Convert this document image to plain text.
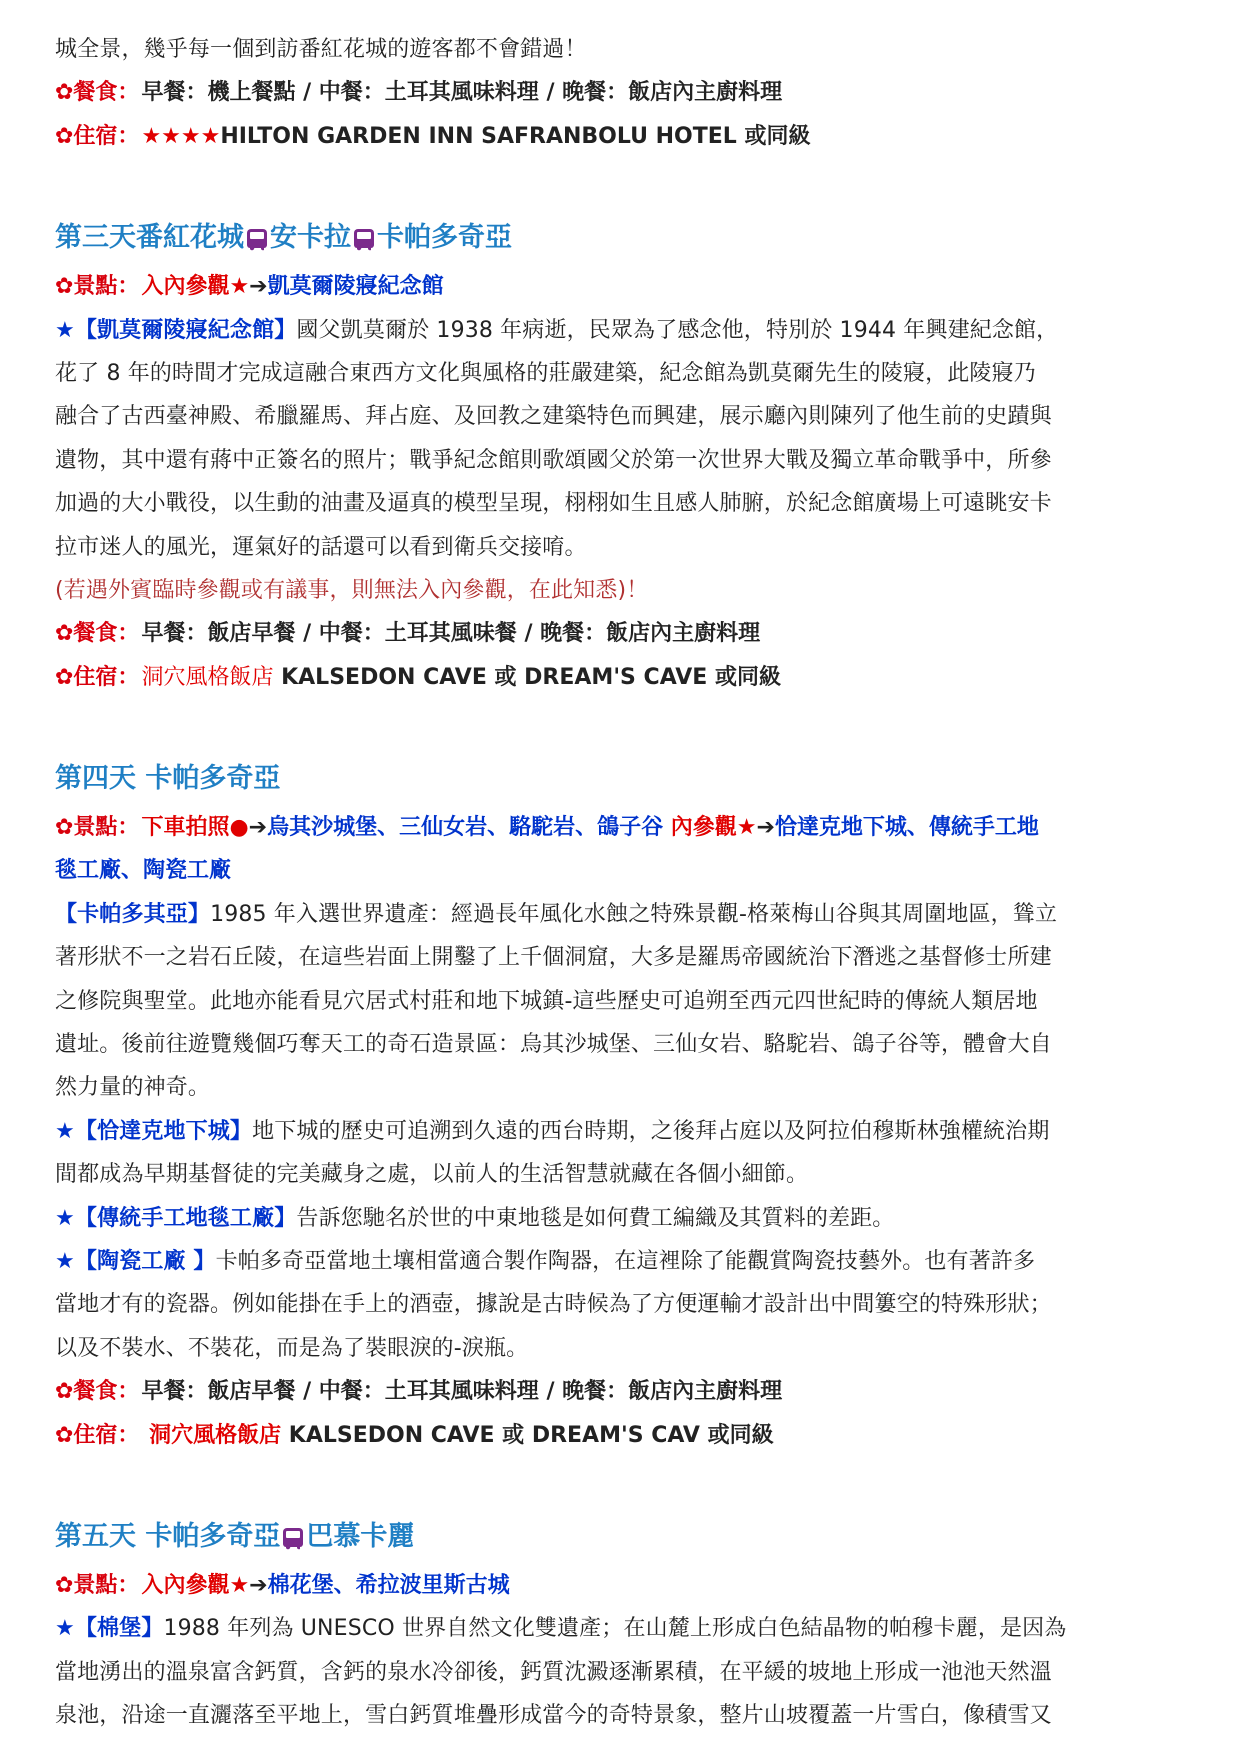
城全景，幾乎每一個到訪番紅花城的遊客都不會錯過！
✿餐食：早餐：機上餐點 / 中餐：土耳其風味料理 / 晚餐：飯店內主廚料理
✿住宿：★★★★HILTON GARDEN INN SAFRANBOLU HOTEL 或同級
第三天番紅花城 安卡拉 卡帕多奇亞
✿景點：入內參觀★➔凱莫爾陵寢紀念館
★【凱莫爾陵寢紀念館】國父凱莫爾於 1938 年病逝，民眾為了感念他，特別於 1944 年興建紀念館，
花了 8 年的時間才完成這融合東西方文化與風格的莊嚴建築，紀念館為凱莫爾先生的陵寢，此陵寢乃
融合了古西臺神殿、希臘羅馬、拜占庭、及回教之建築特色而興建，展示廳內則陳列了他生前的史蹟與
遺物，其中還有蔣中正簽名的照片；戰爭紀念館則歌頌國父於第一次世界大戰及獨立革命戰爭中，所參
加過的大小戰役，以生動的油畫及逼真的模型呈現，栩栩如生且感人肺腑，於紀念館廣場上可遠眺安卡
拉市迷人的風光，運氣好的話還可以看到衛兵交接唷。
(若遇外賓臨時參觀或有議事，則無法入內參觀，在此知悉)！
✿餐食：早餐：飯店早餐 / 中餐：土耳其風味餐 / 晚餐：飯店內主廚料理
✿住宿：洞穴風格飯店 KALSEDON CAVE 或 DREAM'S CAVE 或同級
第四天 卡帕多奇亞
✿景點：下車拍照●➔烏其沙城堡、三仙女岩、駱駝岩、鴿子谷 內參觀★➔恰達克地下城、傳統手工地
毯工廠、陶瓷工廠
【卡帕多其亞】1985 年入選世界遺產：經過長年風化水蝕之特殊景觀-格萊梅山谷與其周圍地區，聳立
著形狀不一之岩石丘陵，在這些岩面上開鑿了上千個洞窟，大多是羅馬帝國統治下潛逃之基督修士所建
之修院與聖堂。此地亦能看見穴居式村莊和地下城鎮-這些歷史可追朔至西元四世紀時的傳統人類居地
遺址。後前往遊覽幾個巧奪天工的奇石造景區：烏其沙城堡、三仙女岩、駱駝岩、鴿子谷等，體會大自
然力量的神奇。
★【恰達克地下城】地下城的歷史可追溯到久遠的西台時期，之後拜占庭以及阿拉伯穆斯林強權統治期
間都成為早期基督徒的完美藏身之處，以前人的生活智慧就藏在各個小細節。
★【傳統手工地毯工廠】告訴您馳名於世的中東地毯是如何費工編織及其質料的差距。
★【陶瓷工廠 】卡帕多奇亞當地土壤相當適合製作陶器，在這裡除了能觀賞陶瓷技藝外。也有著許多
當地才有的瓷器。例如能掛在手上的酒壺，據說是古時候為了方便運輸才設計出中間簍空的特殊形狀；
以及不裝水、不裝花，而是為了裝眼淚的-淚瓶。
✿餐食：早餐：飯店早餐 / 中餐：土耳其風味料理 / 晚餐：飯店內主廚料理
✿住宿： 洞穴風格飯店 KALSEDON CAVE 或 DREAM'S CAV 或同級
第五天 卡帕多奇亞 巴慕卡麗
✿景點：入內參觀★➔棉花堡、希拉波里斯古城
★【棉堡】1988 年列為 UNESCO 世界自然文化雙遺產；在山麓上形成白色結晶物的帕穆卡麗，是因為
當地湧出的溫泉富含鈣質，含鈣的泉水冷卻後，鈣質沈澱逐漸累積，在平緩的坡地上形成一池池天然溫
泉池，沿途一直灑落至平地上，雪白鈣質堆疊形成當今的奇特景象，整片山坡覆蓋一片雪白，像積雪又
